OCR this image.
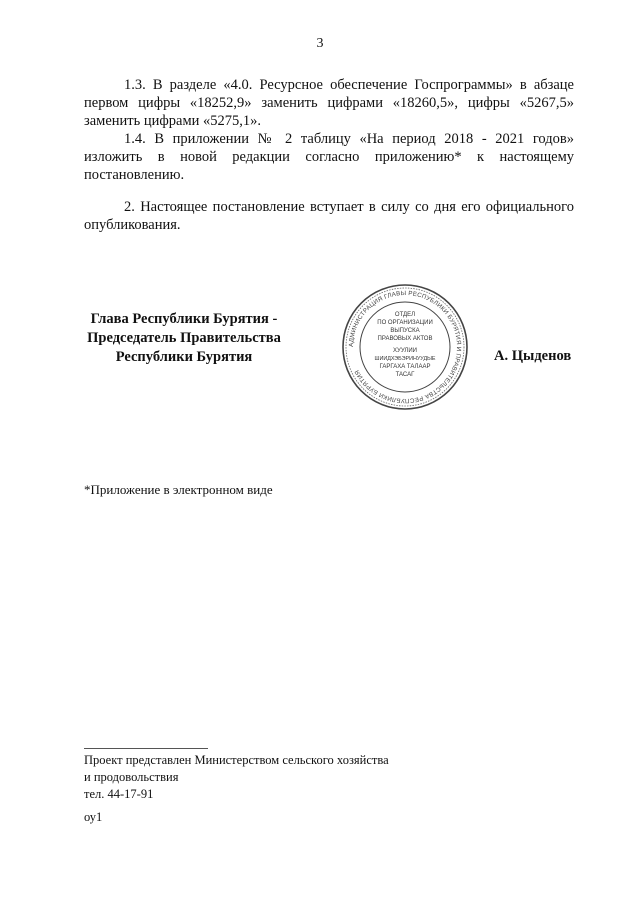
3

1.3. В разделе «4.0. Ресурсное обеспечение Госпрограммы» в абзаце первом цифры «18252,9» заменить цифрами «18260,5», цифры «5267,5» заменить цифрами «5275,1».

1.4. В приложении № 2 таблицу «На период 2018 - 2021 годов» изложить в новой редакции согласно приложению* к настоящему постановлению.

2. Настоящее постановление вступает в силу со дня его официального опубликования.

Глава Республики Бурятия -
Председатель Правительства
Республики Бурятия
АДМИНИСТРАЦИЯ ГЛАВЫ РЕСПУБЛИКИ БУРЯТИЯ И ПРАВИТЕЛЬСТВА РЕСПУБЛИКИ БУРЯТИЯ
ОТДЕЛ
ПО ОРГАНИЗАЦИИ
ВЫПУСКА
ПРАВОВЫХ АКТОВ
ХУУЛИИ
ШИИДХЭБЭРИНУУДЫЕ
ГАРГАХА ТАЛААР
ТАСАГ
А. Цыденов
*Приложение в электронном виде
Проект представлен Министерством сельского хозяйства
и продовольствия
тел. 44-17-91
оу1
